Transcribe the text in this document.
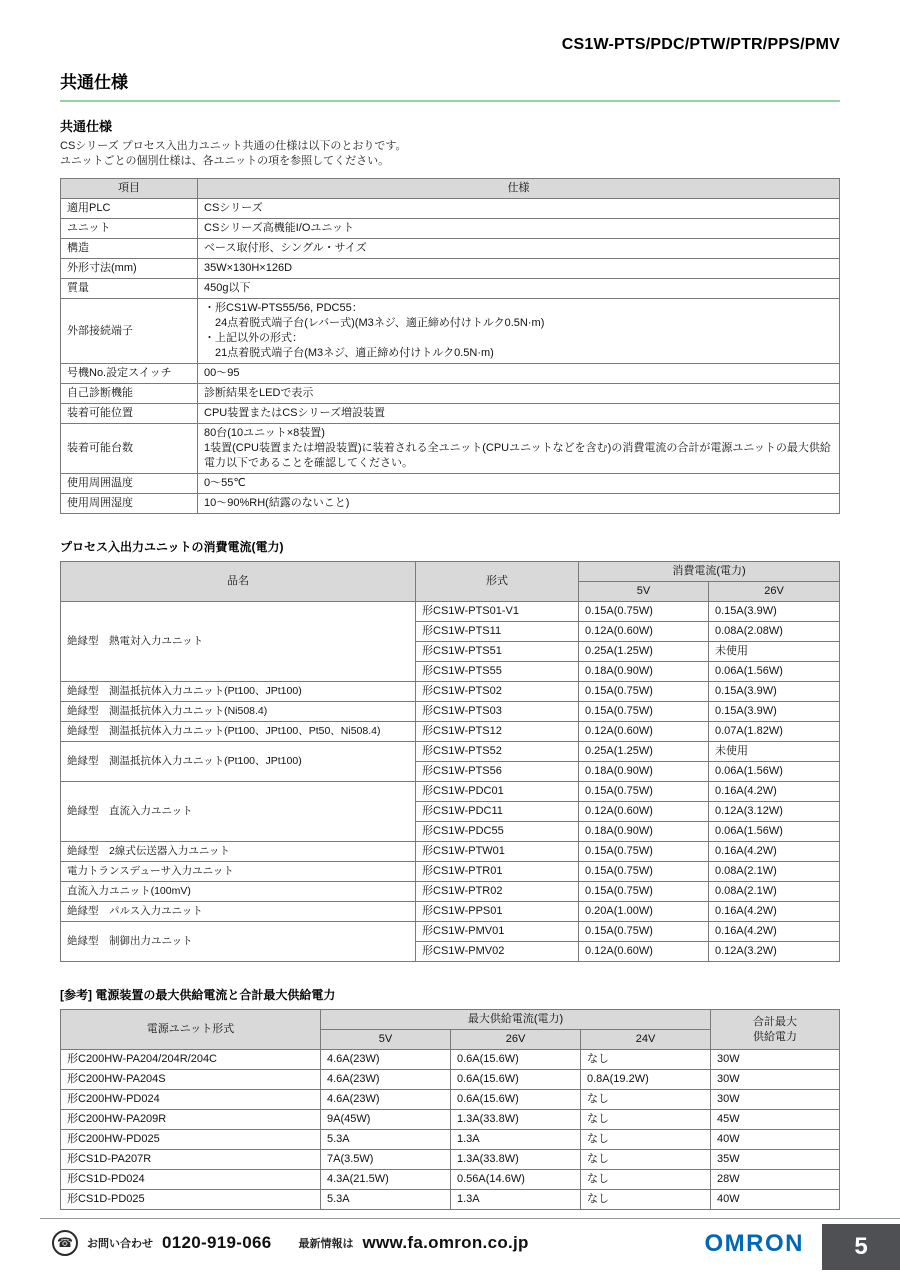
CS1W-PTS/PDC/PTW/PTR/PPS/PMV
共通仕様
共通仕様

CSシリーズ プロセス入出力ユニット共通の仕様は以下のとおりです。
ユニットごとの個別仕様は、各ユニットの項を参照してください。

項目	仕様
適用PLC	CSシリーズ

ユニット	CSシリーズ高機能I/Oユニット

構造	ベース取付形、シングル・サイズ

外形寸法(mm)	35W×130H×126D

質量	450g以下

外部接続端子	・形CS1W-PTS55/56, PDC55：
　24点着脱式端子台(レバー式)(M3ネジ、適正締め付けトルク0.5N·m)
・上記以外の形式：
　21点着脱式端子台(M3ネジ、適正締め付けトルク0.5N·m)

号機No.設定スイッチ	00〜95

自己診断機能	診断結果をLEDで表示

装着可能位置	CPU装置またはCSシリーズ増設装置

装着可能台数	80台(10ユニット×8装置)
1装置(CPU装置または増設装置)に装着される全ユニット(CPUユニットなどを含む)の消費電流の合計が電源ユニットの最大供給電力以下であることを確認してください。

使用周囲温度	0〜55℃

使用周囲湿度	10〜90%RH(結露のないこと)
プロセス入出力ユニットの消費電流(電力)
品名	形式	消費電流(電力)	
		5V	26V
絶縁型　熱電対入力ユニット	形CS1W-PTS01-V1	0.15A(0.75W)	0.15A(3.9W)
	形CS1W-PTS11	0.12A(0.60W)	0.08A(2.08W)
	形CS1W-PTS51	0.25A(1.25W)	未使用
	形CS1W-PTS55	0.18A(0.90W)	0.06A(1.56W)
絶縁型　測温抵抗体入力ユニット(Pt100、JPt100)	形CS1W-PTS02	0.15A(0.75W)	0.15A(3.9W)
絶縁型　測温抵抗体入力ユニット(Ni508.4)	形CS1W-PTS03	0.15A(0.75W)	0.15A(3.9W)
絶縁型　測温抵抗体入力ユニット(Pt100、JPt100、Pt50、Ni508.4)	形CS1W-PTS12	0.12A(0.60W)	0.07A(1.82W)
絶縁型　測温抵抗体入力ユニット(Pt100、JPt100)	形CS1W-PTS52	0.25A(1.25W)	未使用
	形CS1W-PTS56	0.18A(0.90W)	0.06A(1.56W)
絶縁型　直流入力ユニット	形CS1W-PDC01	0.15A(0.75W)	0.16A(4.2W)
	形CS1W-PDC11	0.12A(0.60W)	0.12A(3.12W)
	形CS1W-PDC55	0.18A(0.90W)	0.06A(1.56W)
絶縁型　2線式伝送器入力ユニット	形CS1W-PTW01	0.15A(0.75W)	0.16A(4.2W)
電力トランスデューサ入力ユニット	形CS1W-PTR01	0.15A(0.75W)	0.08A(2.1W)
直流入力ユニット(100mV)	形CS1W-PTR02	0.15A(0.75W)	0.08A(2.1W)
絶縁型　パルス入力ユニット	形CS1W-PPS01	0.20A(1.00W)	0.16A(4.2W)
絶縁型　制御出力ユニット	形CS1W-PMV01	0.15A(0.75W)	0.16A(4.2W)
	形CS1W-PMV02	0.12A(0.60W)	0.12A(3.2W)
[参考] 電源装置の最大供給電流と合計最大供給電力
電源ユニット形式	最大供給電流(電力)			合計最大
供給電力
	5V	26V	24V	
形C200HW-PA204/204R/204C	4.6A(23W)	0.6A(15.6W)	なし	30W
形C200HW-PA204S	4.6A(23W)	0.6A(15.6W)	0.8A(19.2W)	30W
形C200HW-PD024	4.6A(23W)	0.6A(15.6W)	なし	30W
形C200HW-PA209R	9A(45W)	1.3A(33.8W)	なし	45W
形C200HW-PD025	5.3A	1.3A	なし	40W
形CS1D-PA207R	7A(3.5W)	1.3A(33.8W)	なし	35W
形CS1D-PD024	4.3A(21.5W)	0.56A(14.6W)	なし	28W
形CS1D-PD025	5.3A	1.3A	なし	40W
☎	お問い合わせ 0120-919-066 最新情報は www.fa.omron.co.jp	OMRON	5
